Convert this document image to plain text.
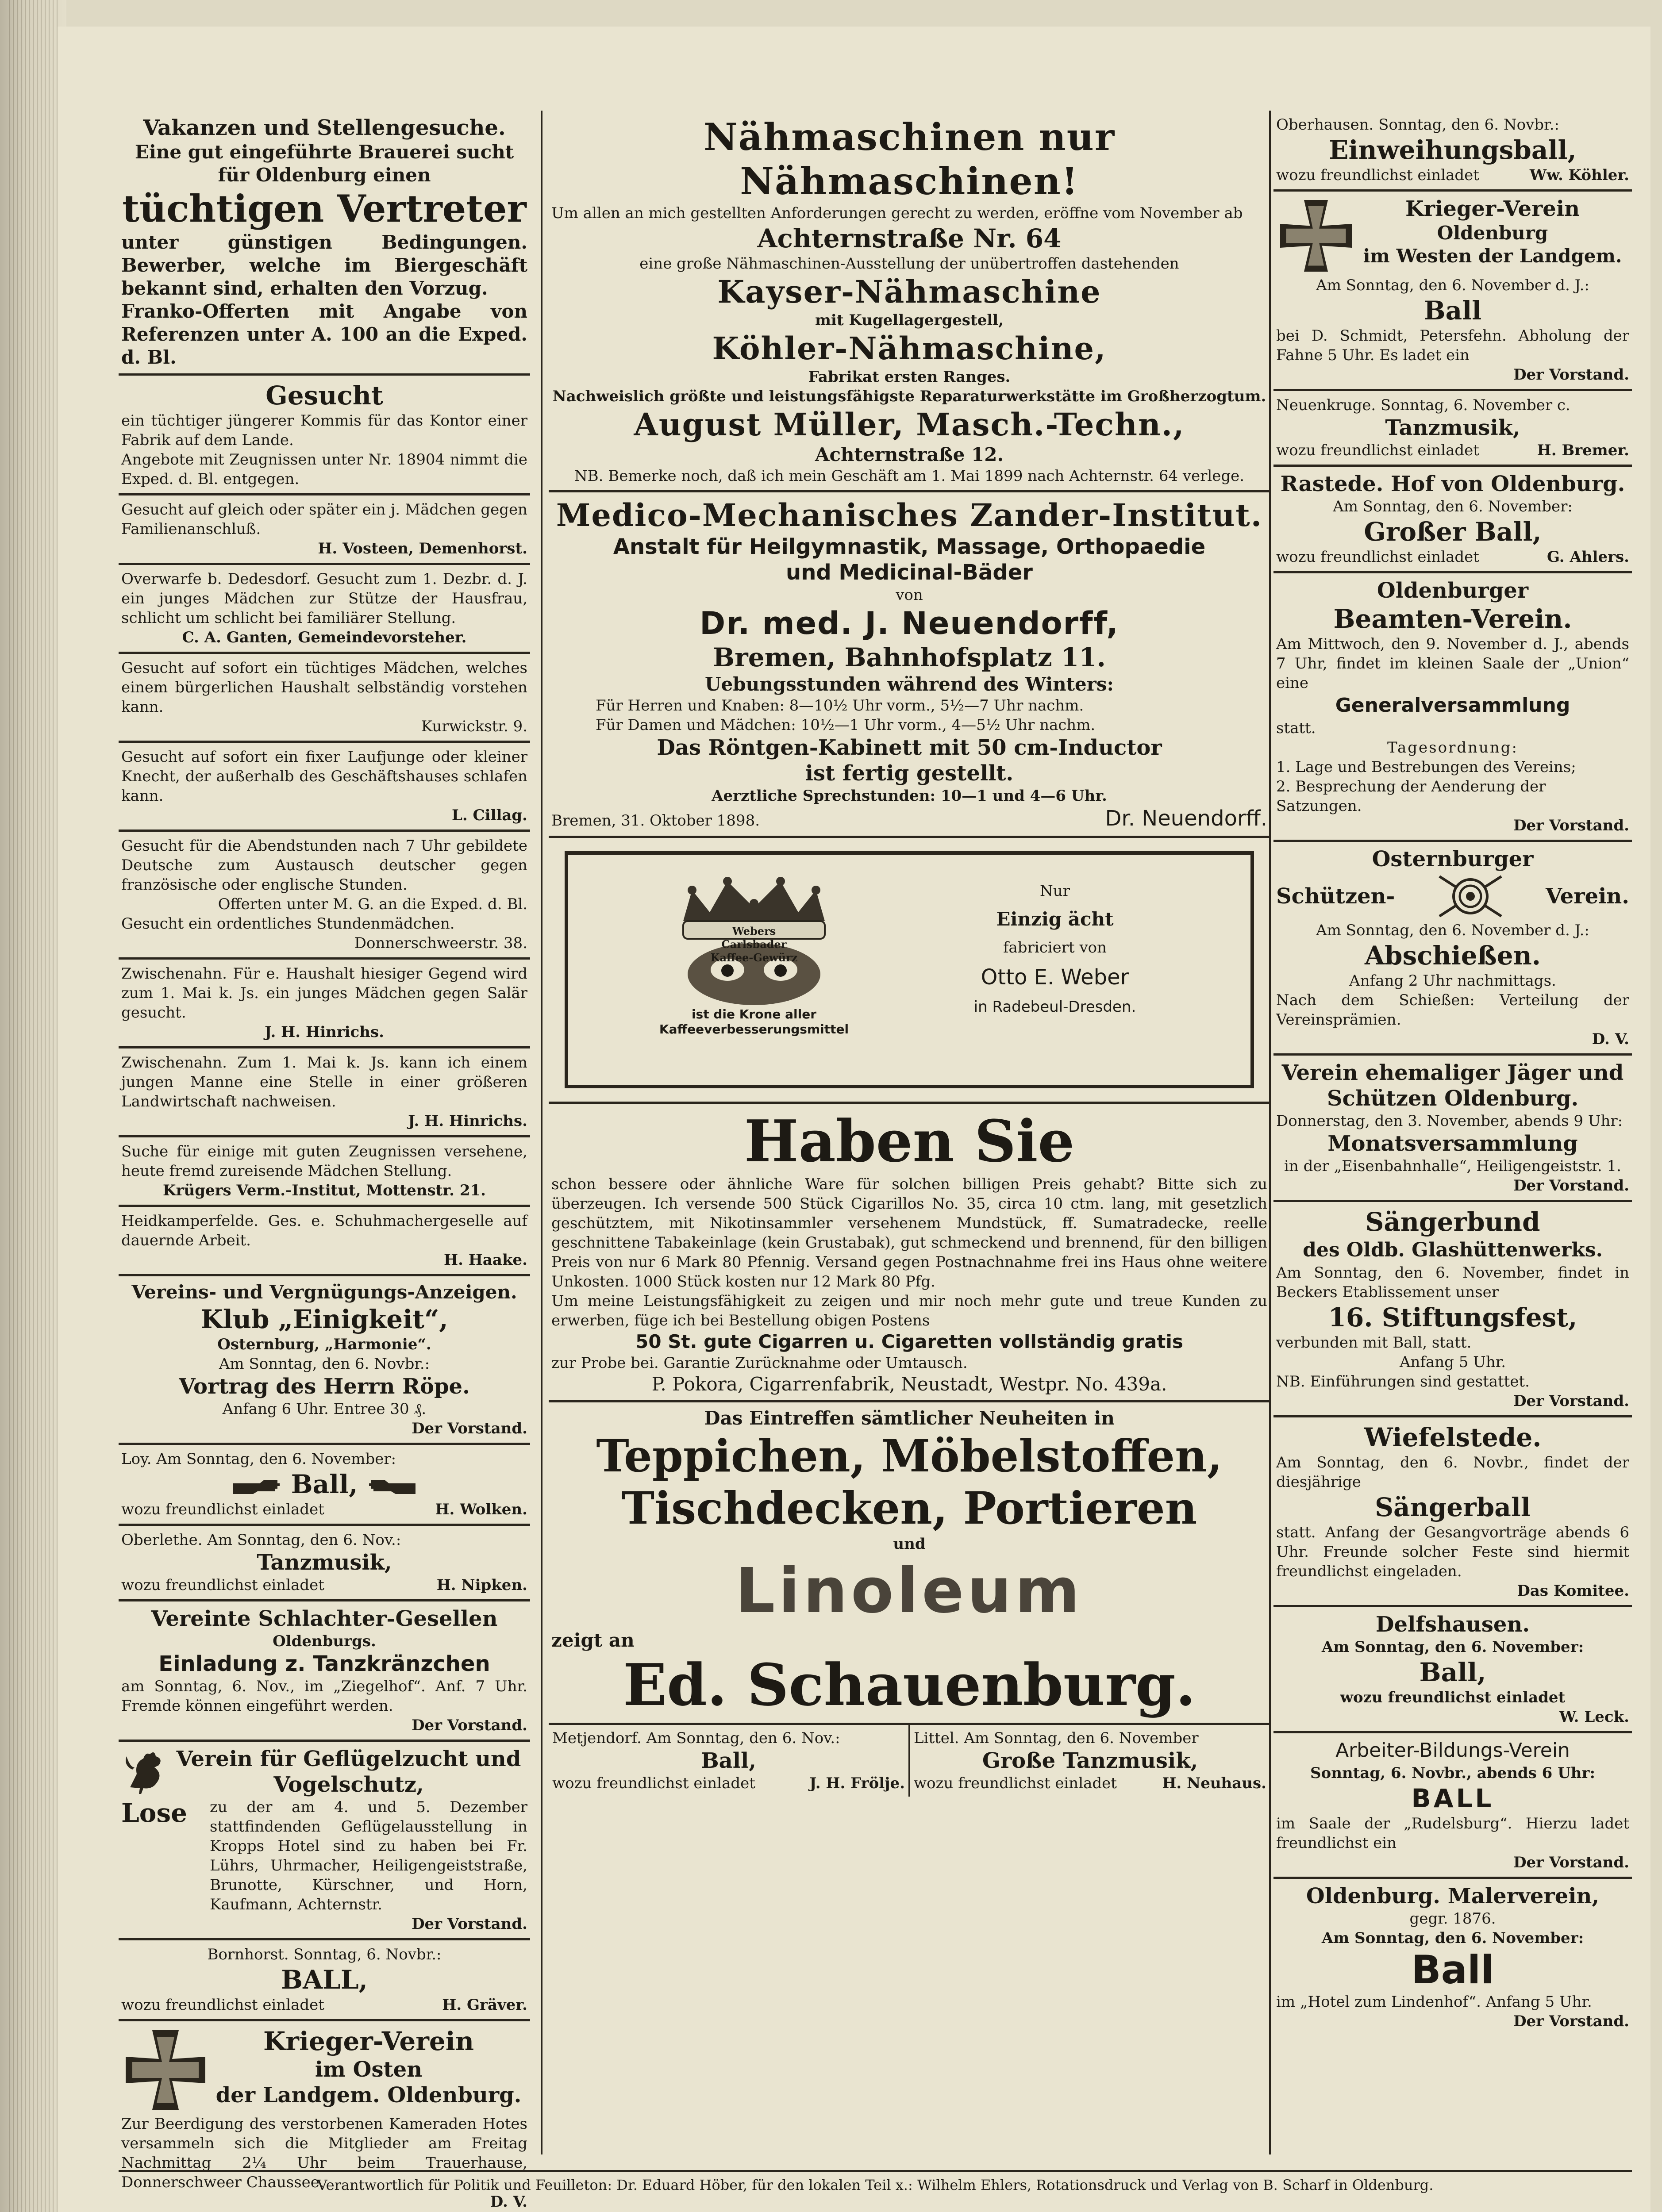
Vakanzen und Stellengesuche.
Eine gut eingeführte Brauerei sucht für Oldenburg einen
tüchtigen Vertreter
unter günstigen Bedingungen. Bewerber, welche im Biergeschäft bekannt sind, erhalten den Vorzug.
Franko-Offerten mit Angabe von Referenzen unter A. 100 an die Exped. d. Bl.
Gesucht
ein tüchtiger jüngerer Kommis für das Kontor einer Fabrik auf dem Lande.
Angebote mit Zeugnissen unter Nr. 18904 nimmt die Exped. d. Bl. entgegen.
Gesucht auf gleich oder später ein j. Mädchen gegen Familienanschluß.
H. Vosteen, Demenhorst.
Overwarfe b. Dedesdorf. Gesucht zum 1. Dezbr. d. J. ein junges Mädchen zur Stütze der Hausfrau, schlicht um schlicht bei familiärer Stellung.
C. A. Ganten, Gemeindevorsteher.
Gesucht auf sofort ein tüchtiges Mädchen, welches einem bürgerlichen Haushalt selbständig vorstehen kann.
Kurwickstr. 9.
Gesucht auf sofort ein fixer Laufjunge oder kleiner Knecht, der außerhalb des Geschäftshauses schlafen kann.
L. Cillag.
Gesucht für die Abendstunden nach 7 Uhr gebildete Deutsche zum Austausch deutscher gegen französische oder englische Stunden.
Offerten unter M. G. an die Exped. d. Bl.
Gesucht ein ordentliches Stundenmädchen.
Donnerschweerstr. 38.
Zwischenahn. Für e. Haushalt hiesiger Gegend wird zum 1. Mai k. Js. ein junges Mädchen gegen Salär gesucht.
J. H. Hinrichs.
Zwischenahn. Zum 1. Mai k. Js. kann ich einem jungen Manne eine Stelle in einer größeren Landwirtschaft nachweisen.
J. H. Hinrichs.
Suche für einige mit guten Zeugnissen versehene, heute fremd zureisende Mädchen Stellung.
Krügers Verm.-Institut, Mottenstr. 21.
Heidkamperfelde. Ges. e. Schuhmachergeselle auf dauernde Arbeit.
H. Haake.
Vereins- und Vergnügungs-Anzeigen.
Klub „Einigkeit“,
Osternburg, „Harmonie“.
Am Sonntag, den 6. Novbr.:
Vortrag des Herrn Röpe.
Anfang 6 Uhr. Entree 30 ₰.
Der Vorstand.
Loy. Am Sonntag, den 6. November:
Ball,
wozu freundlichst einladet	H. Wolken.
Oberlethe. Am Sonntag, den 6. Nov.:
Tanzmusik,
wozu freundlichst einladet	H. Nipken.
Vereinte Schlachter-Gesellen
Oldenburgs.
Einladung z. Tanzkränzchen
am Sonntag, 6. Nov., im „Ziegelhof“. Anf. 7 Uhr. Fremde können eingeführt werden.
Der Vorstand.
Verein für Geflügelzucht und Vogelschutz,
Lose	zu der am 4. und 5. Dezember stattfindenden Geflügelausstellung in Kropps Hotel sind zu haben bei Fr. Lührs, Uhrmacher, Heiligengeiststraße, Brunotte, Kürschner, und Horn, Kaufmann, Achternstr.
Der Vorstand.
Bornhorst. Sonntag, 6. Novbr.:
BALL,
wozu freundlichst einladet	H. Gräver.
Krieger-Verein
im Osten
der Landgem. Oldenburg.
Zur Beerdigung des verstorbenen Kameraden Hotes versammeln sich die Mitglieder am Freitag Nachmittag 2¼ Uhr beim Trauerhause, Donnerschweer Chaussee.
D. V.
Nähmaschinen nur Nähmaschinen!
Um allen an mich gestellten Anforderungen gerecht zu werden, eröffne vom November ab
Achternstraße Nr. 64
eine große Nähmaschinen-Ausstellung der unübertroffen dastehenden
Kayser-Nähmaschine
mit Kugellagergestell,
Köhler-Nähmaschine,
Fabrikat ersten Ranges.
Nachweislich größte und leistungsfähigste Reparaturwerkstätte im Großherzogtum.
August Müller, Masch.-Techn.,
Achternstraße 12.
NB. Bemerke noch, daß ich mein Geschäft am 1. Mai 1899 nach Achternstr. 64 verlege.
Medico-Mechanisches Zander-Institut.
Anstalt für Heilgymnastik, Massage, Orthopaedie
und Medicinal-Bäder
von
Dr. med. J. Neuendorff,
Bremen, Bahnhofsplatz 11.
Uebungsstunden während des Winters:
Für Herren und Knaben: 8—10½ Uhr vorm., 5½—7 Uhr nachm.
Für Damen und Mädchen: 10½—1 Uhr vorm., 4—5½ Uhr nachm.
Das Röntgen-Kabinett mit 50 cm-Inductor
ist fertig gestellt.
Aerztliche Sprechstunden: 10—1 und 4—6 Uhr.
Bremen, 31. Oktober 1898.	Dr. Neuendorff.
Webers Carlsbader Kaffee-Gewürz
ist die Krone aller Kaffeeverbesserungsmittel
Nur
Einzig ächt
fabriciert von
Otto E. Weber
in Radebeul-Dresden.
Haben Sie
schon bessere oder ähnliche Ware für solchen billigen Preis gehabt? Bitte sich zu überzeugen. Ich versende 500 Stück Cigarillos No. 35, circa 10 ctm. lang, mit gesetzlich geschütztem, mit Nikotinsammler versehenem Mundstück, ff. Sumatradecke, reelle geschnittene Tabakeinlage (kein Grustabak), gut schmeckend und brennend, für den billigen Preis von nur 6 Mark 80 Pfennig. Versand gegen Postnachnahme frei ins Haus ohne weitere Unkosten. 1000 Stück kosten nur 12 Mark 80 Pfg.
Um meine Leistungsfähigkeit zu zeigen und mir noch mehr gute und treue Kunden zu erwerben, füge ich bei Bestellung obigen Postens
50 St. gute Cigarren u. Cigaretten vollständig gratis
zur Probe bei. Garantie Zurücknahme oder Umtausch.
P. Pokora, Cigarrenfabrik, Neustadt, Westpr. No. 439a.
Das Eintreffen sämtlicher Neuheiten in
Teppichen, Möbelstoffen,
Tischdecken, Portieren
und
Linoleum
zeigt an
Ed. Schauenburg.
Metjendorf. Am Sonntag, den 6. Nov.:
Ball,
wozu freundlichst einladet	J. H. Frölje.
Littel. Am Sonntag, den 6. November
Große Tanzmusik,
wozu freundlichst einladet	H. Neuhaus.
Oberhausen. Sonntag, den 6. Novbr.:
Einweihungsball,
wozu freundlichst einladet	Ww. Köhler.
Krieger-Verein
Oldenburg
im Westen der Landgem.
Am Sonntag, den 6. November d. J.:
Ball
bei D. Schmidt, Petersfehn. Abholung der Fahne 5 Uhr. Es ladet ein
Der Vorstand.
Neuenkruge. Sonntag, 6. November c.
Tanzmusik,
wozu freundlichst einladet	H. Bremer.
Rastede. Hof von Oldenburg.
Am Sonntag, den 6. November:
Großer Ball,
wozu freundlichst einladet	G. Ahlers.
Oldenburger
Beamten-Verein.
Am Mittwoch, den 9. November d. J., abends 7 Uhr, findet im kleinen Saale der „Union“ eine
Generalversammlung
statt.
Tagesordnung:
1. Lage und Bestrebungen des Vereins;
2. Besprechung der Aenderung der Satzungen.
Der Vorstand.
Osternburger
Schützen-	Verein.
Am Sonntag, den 6. November d. J.:
Abschießen.
Anfang 2 Uhr nachmittags.
Nach dem Schießen: Verteilung der Vereinsprämien.
D. V.
Verein ehemaliger Jäger und Schützen Oldenburg.
Donnerstag, den 3. November, abends 9 Uhr:
Monatsversammlung
in der „Eisenbahnhalle“, Heiligengeiststr. 1.
Der Vorstand.
Sängerbund
des Oldb. Glashüttenwerks.
Am Sonntag, den 6. November, findet in Beckers Etablissement unser
16. Stiftungsfest,
verbunden mit Ball, statt.
Anfang 5 Uhr.
NB. Einführungen sind gestattet.
Der Vorstand.
Wiefelstede.
Am Sonntag, den 6. Novbr., findet der diesjährige
Sängerball
statt. Anfang der Gesangvorträge abends 6 Uhr. Freunde solcher Feste sind hiermit freundlichst eingeladen.
Das Komitee.
Delfshausen.
Am Sonntag, den 6. November:
Ball,
wozu freundlichst einladet
W. Leck.
Arbeiter-Bildungs-Verein
Sonntag, 6. Novbr., abends 6 Uhr:
BALL
im Saale der „Rudelsburg“. Hierzu ladet freundlichst ein
Der Vorstand.
Oldenburg. Malerverein,
gegr. 1876.
Am Sonntag, den 6. November:
Ball
im „Hotel zum Lindenhof“. Anfang 5 Uhr.
Der Vorstand.
Verantwortlich für Politik und Feuilleton: Dr. Eduard Höber, für den lokalen Teil x.: Wilhelm Ehlers, Rotationsdruck und Verlag von B. Scharf in Oldenburg.
